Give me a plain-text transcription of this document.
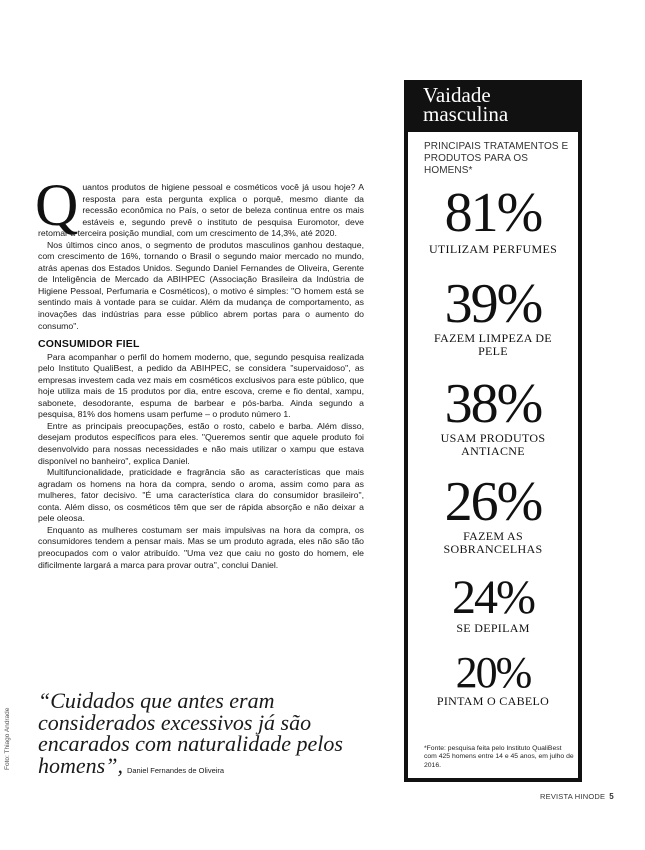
Foto: Thiago Andrade

Quantos produtos de higiene pessoal e cosméticos você já usou hoje? A resposta para esta pergunta explica o porquê, mesmo diante da recessão econômica no País, o setor de beleza continua entre os mais estáveis e, segundo prevê o instituto de pesquisa Euromotor, deve retomar a terceira posição mundial, com um crescimento de 14,3%, até 2020.

Nos últimos cinco anos, o segmento de produtos masculinos ganhou destaque, com crescimento de 16%, tornando o Brasil o segundo maior mercado no mundo, atrás apenas dos Estados Unidos. Segundo Daniel Fernandes de Oliveira, Gerente de Inteligência de Mercado da ABIHPEC (Associação Brasileira da Indústria de Higiene Pessoal, Perfumaria e Cosméticos), o motivo é simples: "O homem está se sentindo mais à vontade para se cuidar. Além da mudança de comportamento, as inovações das indústrias para esse público abrem portas para o aumento do consumo".

CONSUMIDOR FIEL

Para acompanhar o perfil do homem moderno, que, segundo pesquisa realizada pelo Instituto QualiBest, a pedido da ABIHPEC, se considera "supervaidoso", as empresas investem cada vez mais em cosméticos exclusivos para este público, que hoje utiliza mais de 15 produtos por dia, entre escova, creme e fio dental, xampu, sabonete, desodorante, espuma de barbear e pós-barba. Ainda segundo a pesquisa, 81% dos homens usam perfume – o produto número 1.

Entre as principais preocupações, estão o rosto, cabelo e barba. Além disso, desejam produtos específicos para eles. "Queremos sentir que aquele produto foi desenvolvido para nossas necessidades e não mais utilizar o xampu que estava disponível no banheiro", explica Daniel.

Multifuncionalidade, praticidade e fragrância são as características que mais agradam os homens na hora da compra, sendo o aroma, assim como para as mulheres, fator decisivo. "É uma característica clara do consumidor brasileiro", conta. Além disso, os cosméticos têm que ser de rápida absorção e não deixar a pele oleosa.

Enquanto as mulheres costumam ser mais impulsivas na hora da compra, os consumidores tendem a pensar mais. Mas se um produto agrada, eles não são tão preocupados com o valor atribuído. "Uma vez que caiu no gosto do homem, ele dificilmente largará a marca para provar outra", conclui Daniel.

“Cuidados que antes eram considerados excessivos já são encarados com naturalidade pelos homens”, Daniel Fernandes de Oliveira
Vaidade
masculina
PRINCIPAIS TRATAMENTOS E PRODUTOS PARA OS HOMENS*
81%
UTILIZAM PERFUMES
39%
FAZEM LIMPEZA DE PELE
38%
USAM PRODUTOS ANTIACNE
26%
FAZEM AS SOBRANCELHAS
24%
SE DEPILAM
20%
PINTAM O CABELO
*Fonte: pesquisa feita pelo Instituto QualiBest com 425 homens entre 14 e 45 anos, em julho de 2016.
REVISTA HINODE 5
